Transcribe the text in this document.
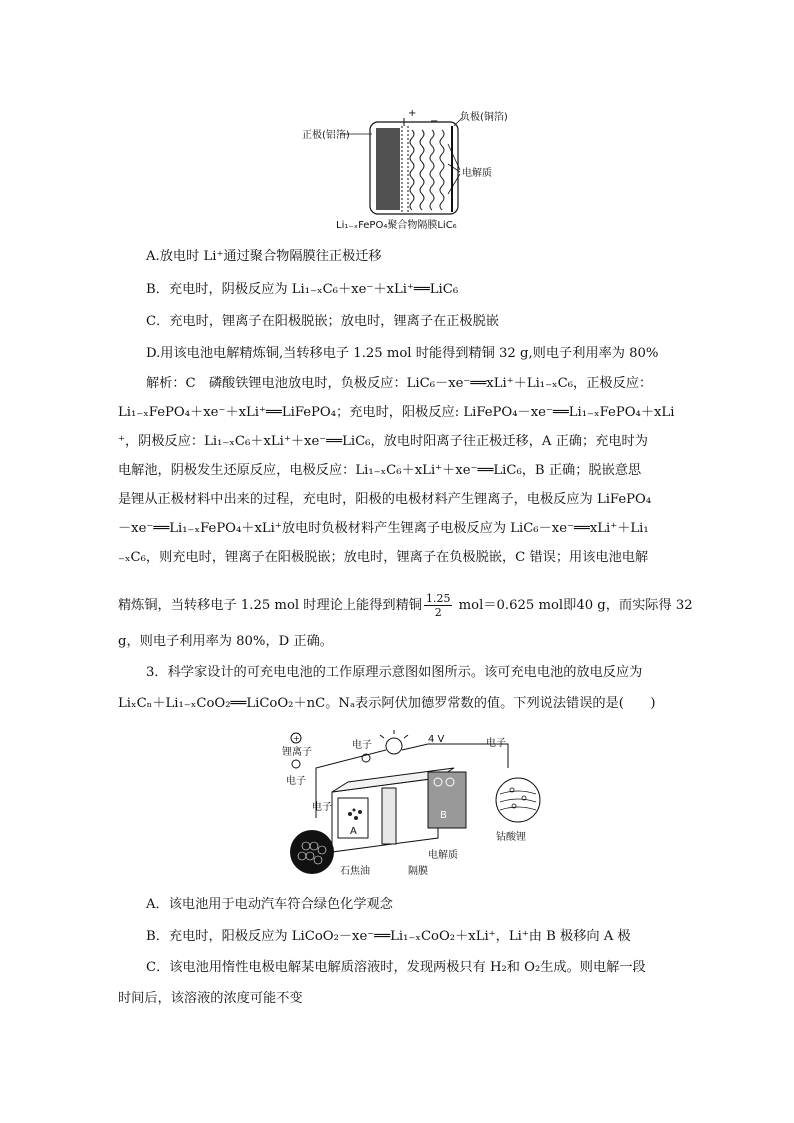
+
−
正极(铝箔)
负极(铜箔)
电解质
Li₁₋ₓFePO₄聚合物隔膜LiC₆
A.放电时 Li⁺通过聚合物隔膜往正极迁移
B．充电时，阴极反应为 Li₁₋ₓC₆＋xe⁻＋xLi⁺══LiC₆
C．充电时，锂离子在阳极脱嵌；放电时，锂离子在正极脱嵌
D.用该电池电解精炼铜,当转移电子 1.25 mol 时能得到精铜 32 g,则电子利用率为 80%
解析：C　磷酸铁锂电池放电时，负极反应：LiC₆－xe⁻══xLi⁺＋Li₁₋ₓC₆，正极反应：
Li₁₋ₓFePO₄＋xe⁻＋xLi⁺══LiFePO₄；充电时，阳极反应: LiFePO₄－xe⁻══Li₁₋ₓFePO₄＋xLi
⁺，阴极反应：Li₁₋ₓC₆＋xLi⁺＋xe⁻══LiC₆，放电时阳离子往正极迁移，A 正确；充电时为
电解池，阴极发生还原反应，电极反应：Li₁₋ₓC₆＋xLi⁺＋xe⁻══LiC₆，B 正确；脱嵌意思
是锂从正极材料中出来的过程，充电时，阳极的电极材料产生锂离子，电极反应为 LiFePO₄
－xe⁻══Li₁₋ₓFePO₄＋xLi⁺放电时负极材料产生锂离子电极反应为 LiC₆－xe⁻══xLi⁺＋Li₁
₋ₓC₆，则充电时，锂离子在阳极脱嵌；放电时，锂离子在负极脱嵌，C 错误；用该电池电解
精炼铜，当转移电子 1.25 mol 时理论上能得到精铜 $\frac{1.25}{2} mol=0.625$ mol即40 g，而实际得 32
g，则电子利用率为 80%，D 正确。
3．科学家设计的可充电电池的工作原理示意图如图所示。该可充电电池的放电反应为
LiₓCₙ＋Li₁₋ₓCoO₂══LiCoO₂＋nC。Nₐ表示阿伏加德罗常数的值。下列说法错误的是(　　)
+
锂离子
电子
电子
4 V	电子
电子
A
B
石焦油	隔膜
电解质
钴酸锂
A．该电池用于电动汽车符合绿色化学观念
B．充电时，阳极反应为 LiCoO₂－xe⁻══Li₁₋ₓCoO₂＋xLi⁺，Li⁺由 B 极移向 A 极
C．该电池用惰性电极电解某电解质溶液时，发现两极只有 H₂和 O₂生成。则电解一段
时间后，该溶液的浓度可能不变
